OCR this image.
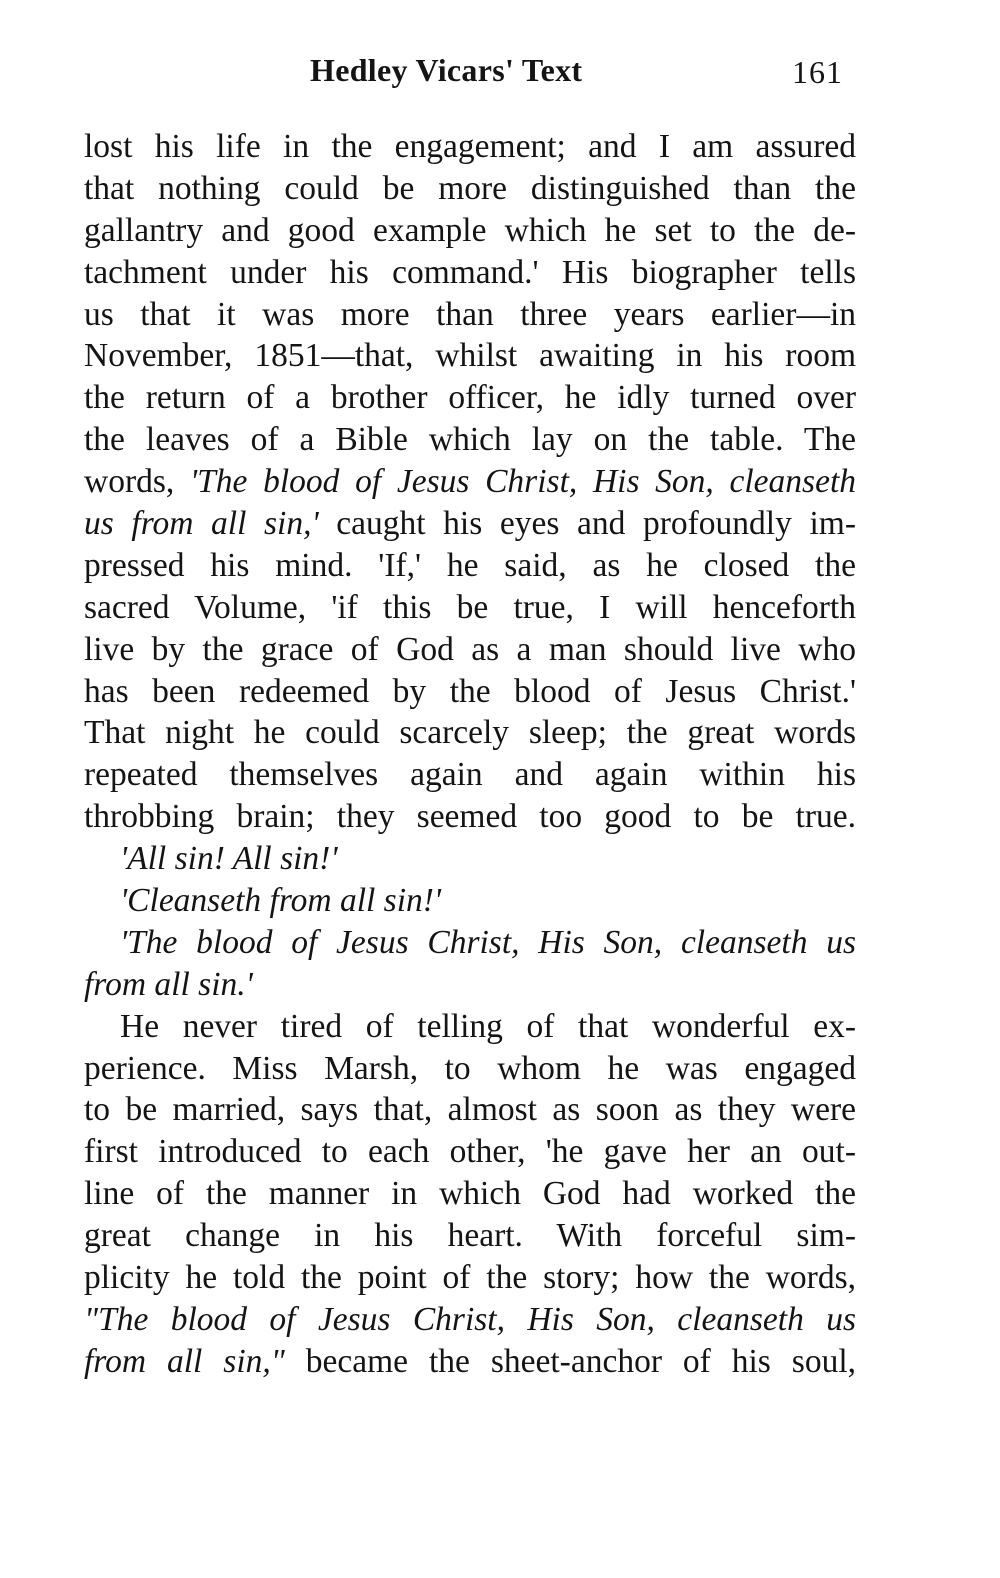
Hedley Vicars' Text	161
lost his life in the engagement; and I am assured
that nothing could be more distinguished than the
gallantry and good example which he set to the de-
tachment under his command.' His biographer tells
us that it was more than three years earlier—in
November, 1851—that, whilst awaiting in his room
the return of a brother officer, he idly turned over
the leaves of a Bible which lay on the table. The
words, 'The blood of Jesus Christ, His Son, cleanseth
us from all sin,' caught his eyes and profoundly im-
pressed his mind. 'If,' he said, as he closed the
sacred Volume, 'if this be true, I will henceforth
live by the grace of God as a man should live who
has been redeemed by the blood of Jesus Christ.'
That night he could scarcely sleep; the great words
repeated themselves again and again within his
throbbing brain; they seemed too good to be true.
'All sin! All sin!'
'Cleanseth from all sin!'
'The blood of Jesus Christ, His Son, cleanseth us
from all sin.'
He never tired of telling of that wonderful ex-
perience. Miss Marsh, to whom he was engaged
to be married, says that, almost as soon as they were
first introduced to each other, 'he gave her an out-
line of the manner in which God had worked the
great change in his heart. With forceful sim-
plicity he told the point of the story; how the words,
"The blood of Jesus Christ, His Son, cleanseth us
from all sin," became the sheet-anchor of his soul,
